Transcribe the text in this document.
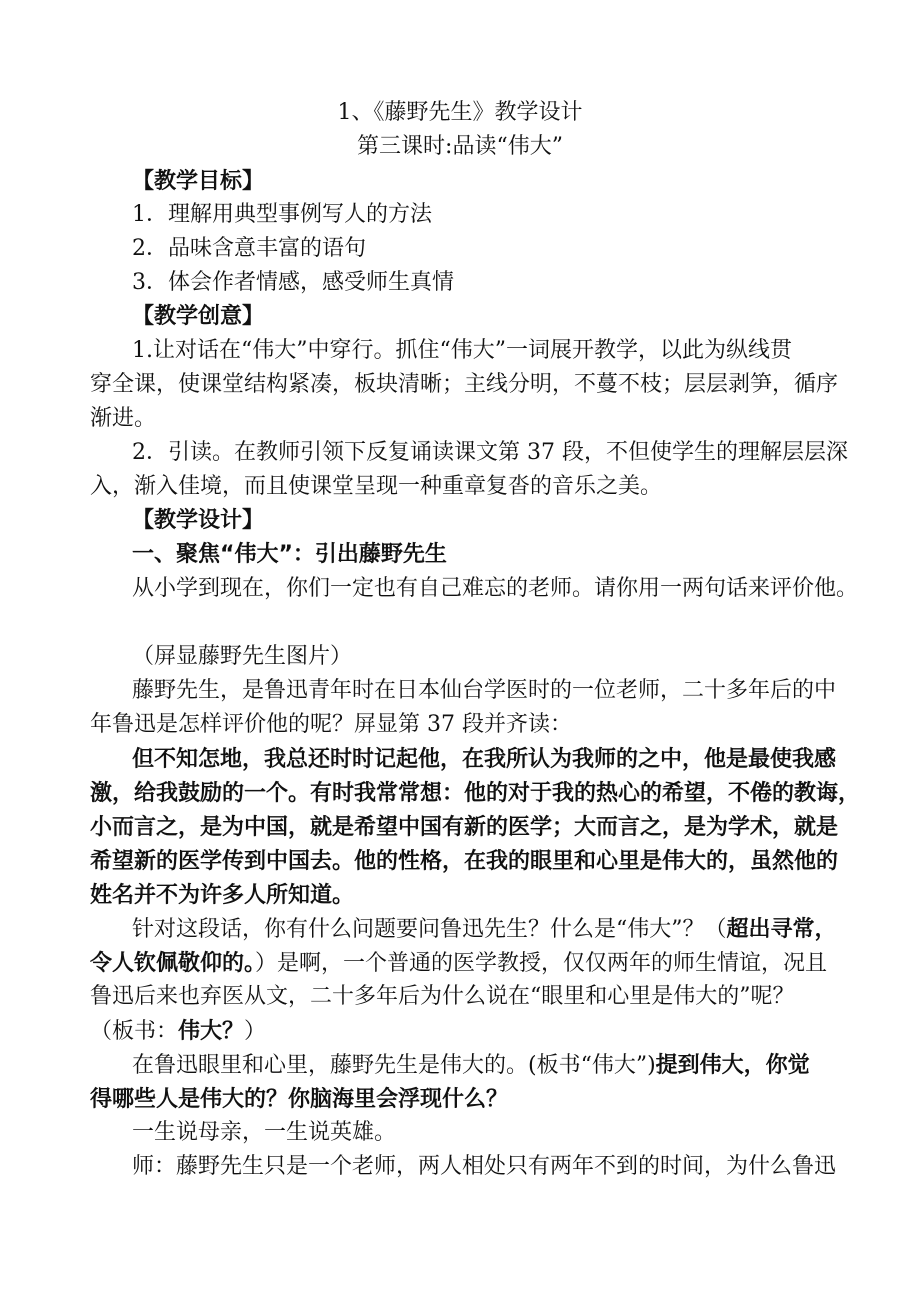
1、《藤野先生》教学设计
第三课时:品读“伟大”
【教学目标】
1．理解用典型事例写人的方法
2．品味含意丰富的语句
3．体会作者情感，感受师生真情
【教学创意】
1.让对话在“伟大”中穿行。抓住“伟大”一词展开教学，以此为纵线贯
穿全课，使课堂结构紧凑，板块清晰；主线分明，不蔓不枝；层层剥笋，循序
渐进。
2．引读。在教师引领下反复诵读课文第 37 段，不但使学生的理解层层深
入，渐入佳境，而且使课堂呈现一种重章复沓的音乐之美。
【教学设计】
一、聚焦“伟大”：引出藤野先生
从小学到现在，你们一定也有自己难忘的老师。请你用一两句话来评价他。
（屏显藤野先生图片）
藤野先生，是鲁迅青年时在日本仙台学医时的一位老师，二十多年后的中
年鲁迅是怎样评价他的呢？屏显第 37 段并齐读：
但不知怎地，我总还时时记起他，在我所认为我师的之中，他是最使我感
激，给我鼓励的一个。有时我常常想：他的对于我的热心的希望，不倦的教诲，
小而言之，是为中国，就是希望中国有新的医学；大而言之，是为学术，就是
希望新的医学传到中国去。他的性格，在我的眼里和心里是伟大的，虽然他的
姓名并不为许多人所知道。
针对这段话，你有什么问题要问鲁迅先生？什么是“伟大”？（超出寻常，
令人钦佩敬仰的。）是啊，一个普通的医学教授，仅仅两年的师生情谊，况且
鲁迅后来也弃医从文，二十多年后为什么说在“眼里和心里是伟大的”呢？
（板书：伟大？）
在鲁迅眼里和心里，藤野先生是伟大的。(板书“伟大”)提到伟大，你觉
得哪些人是伟大的？你脑海里会浮现什么？
一生说母亲，一生说英雄。
师：藤野先生只是一个老师，两人相处只有两年不到的时间，为什么鲁迅
